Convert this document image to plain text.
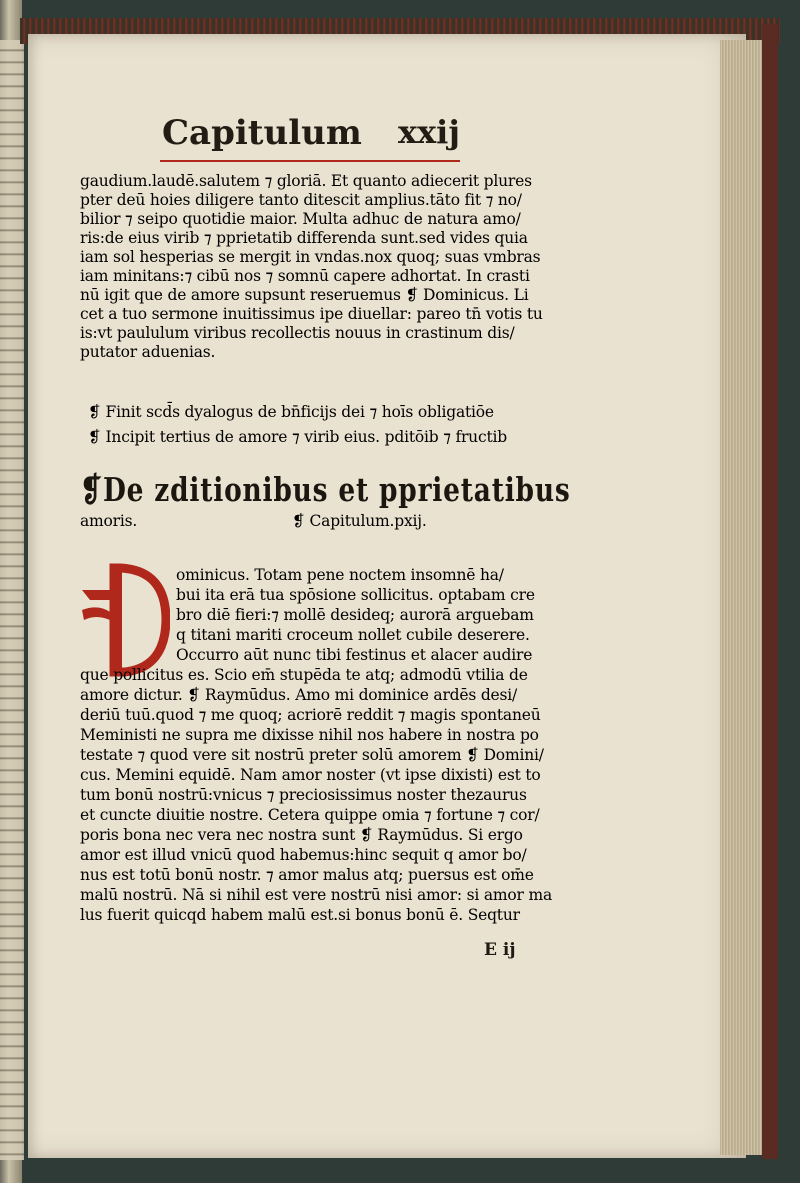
Capitulum xxij
gaudium.laudē.salutem ⁊ gloriā. Et quanto adiecerit plures
pter deū hoies diligere tanto ditescit amplius.tāto fit ⁊ no/
bilior ⁊ seipo quotidie maior. Multa adhuc de natura amo/
ris:de eius virib ⁊ pprietatib differenda sunt.sed vides quia
iam sol hesperias se mergit in vndas.nox quoq; suas vmbras
iam minitans:⁊ cibū nos ⁊ somnū capere adhortat. In crasti
nū igit que de amore supsunt reseruemus ❡ Dominicus. Li
cet a tuo sermone inuitissimus ipe diuellar: pareo tn̄ votis tu
is:vt paululum viribus recollectis nouus in crastinum dis/
putator aduenias.
❡ Finit scd̄s dyalogus de bn̄ficijs dei ⁊ hoīs obligatiōe
❡ Incipit tertius de amore ⁊ virib eius. pditōib ⁊ fructib
❡De zditionibus et pprietatibus
amoris.	❡ Capitulum.pxij.
ominicus. Totam pene noctem insomnē ha/
bui ita erā tua spōsione sollicitus. optabam cre
bro diē fieri:⁊ mollē desideq; aurorā arguebam
q titani mariti croceum nollet cubile deserere.
Occurro aūt nunc tibi festinus et alacer audire
que pollicitus es. Scio em̄ stupēda te atq; admodū vtilia de
amore dictur. ❡ Raymūdus. Amo mi dominice ardēs desi/
deriū tuū.quod ⁊ me quoq; acriorē reddit ⁊ magis spontaneū
Meministi ne supra me dixisse nihil nos habere in nostra po
testate ⁊ quod vere sit nostrū preter solū amorem ❡ Domini/
cus. Memini equidē. Nam amor noster (vt ipse dixisti) est to
tum bonū nostrū:vnicus ⁊ preciosissimus noster thezaurus
et cuncte diuitie nostre. Cetera quippe omia ⁊ fortune ⁊ cor/
poris bona nec vera nec nostra sunt ❡ Raymūdus. Si ergo
amor est illud vnicū quod habemus:hinc sequit q amor bo/
nus est totū bonū nostr. ⁊ amor malus atq; puersus est om̄e
malū nostrū. Nā si nihil est vere nostrū nisi amor: si amor ma
lus fuerit quicqd habem malū est.si bonus bonū ē. Seqtur
E ij
